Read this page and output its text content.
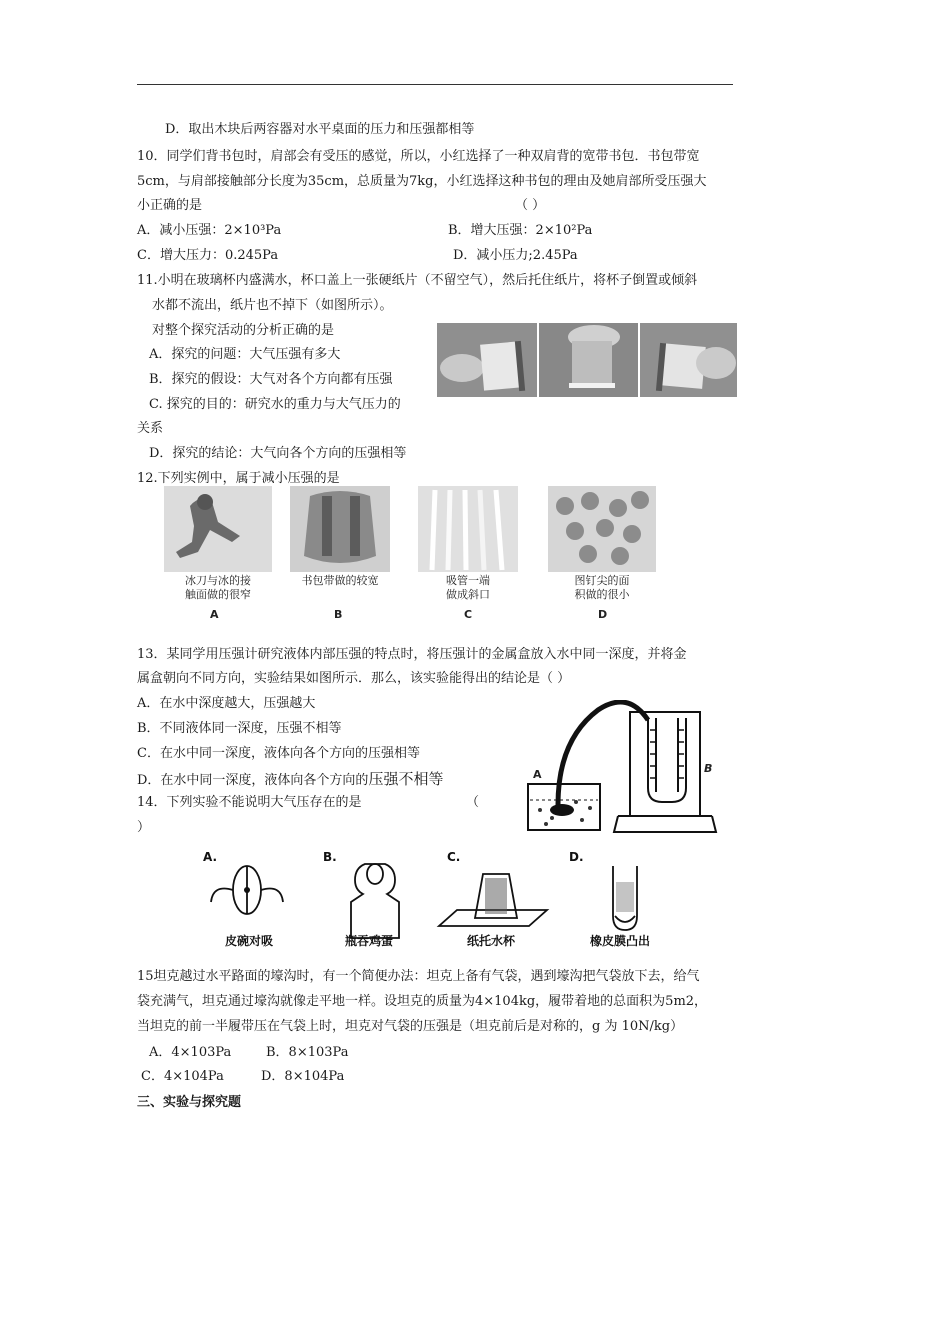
D．取出木块后两容器对水平桌面的压力和压强都相等
10．同学们背书包时，肩部会有受压的感觉，所以，小红选择了一种双肩背的宽带书包．书包带宽
5cm，与肩部接触部分长度为35cm，总质量为7kg，小红选择这种书包的理由及她肩部所受压强大
小正确的是	（ ）
A．减小压强：2×10³Pa	B．增大压强：2×10²Pa
C．增大压力：0.245Pa	D．减小压力;2.45Pa
11.小明在玻璃杯内盛满水，杯口盖上一张硬纸片（不留空气），然后托住纸片，将杯子倒置或倾斜
水都不流出，纸片也不掉下（如图所示）。
对整个探究活动的分析正确的是
A．探究的问题：大气压强有多大
B．探究的假设：大气对各个方向都有压强
C. 探究的目的：研究水的重力与大气压力的
关系
D．探究的结论：大气向各个方向的压强相等
12.下列实例中，属于减小压强的是
冰刀与冰的接
触面做的很窄
A
书包带做的较宽
B
吸管一端
做成斜口
C
图钉尖的面
积做的很小
D
13．某同学用压强计研究液体内部压强的特点时，将压强计的金属盒放入水中同一深度，并将金
属盒朝向不同方向，实验结果如图所示．那么，该实验能得出的结论是（ ）
A．在水中深度越大，压强越大
B．不同液体同一深度，压强不相等
C．在水中同一深度，液体向各个方向的压强相等
D．在水中同一深度，液体向各个方向的压强不相等	A	B
14．下列实验不能说明大气压存在的是	（
）
A.
皮碗对吸
B.
瓶吞鸡蛋
C.
纸托水杯
D.
橡皮膜凸出
15坦克越过水平路面的壕沟时，有一个简便办法：坦克上备有气袋，遇到壕沟把气袋放下去，给气
袋充满气，坦克通过壕沟就像走平地一样。设坦克的质量为4×104kg，履带着地的总面积为5m2，
当坦克的前一半履带压在气袋上时，坦克对气袋的压强是（坦克前后是对称的，g 为 10N/kg）
A．4×103Pa	B．8×103Pa
C．4×104Pa	D．8×104Pa
三、实验与探究题
